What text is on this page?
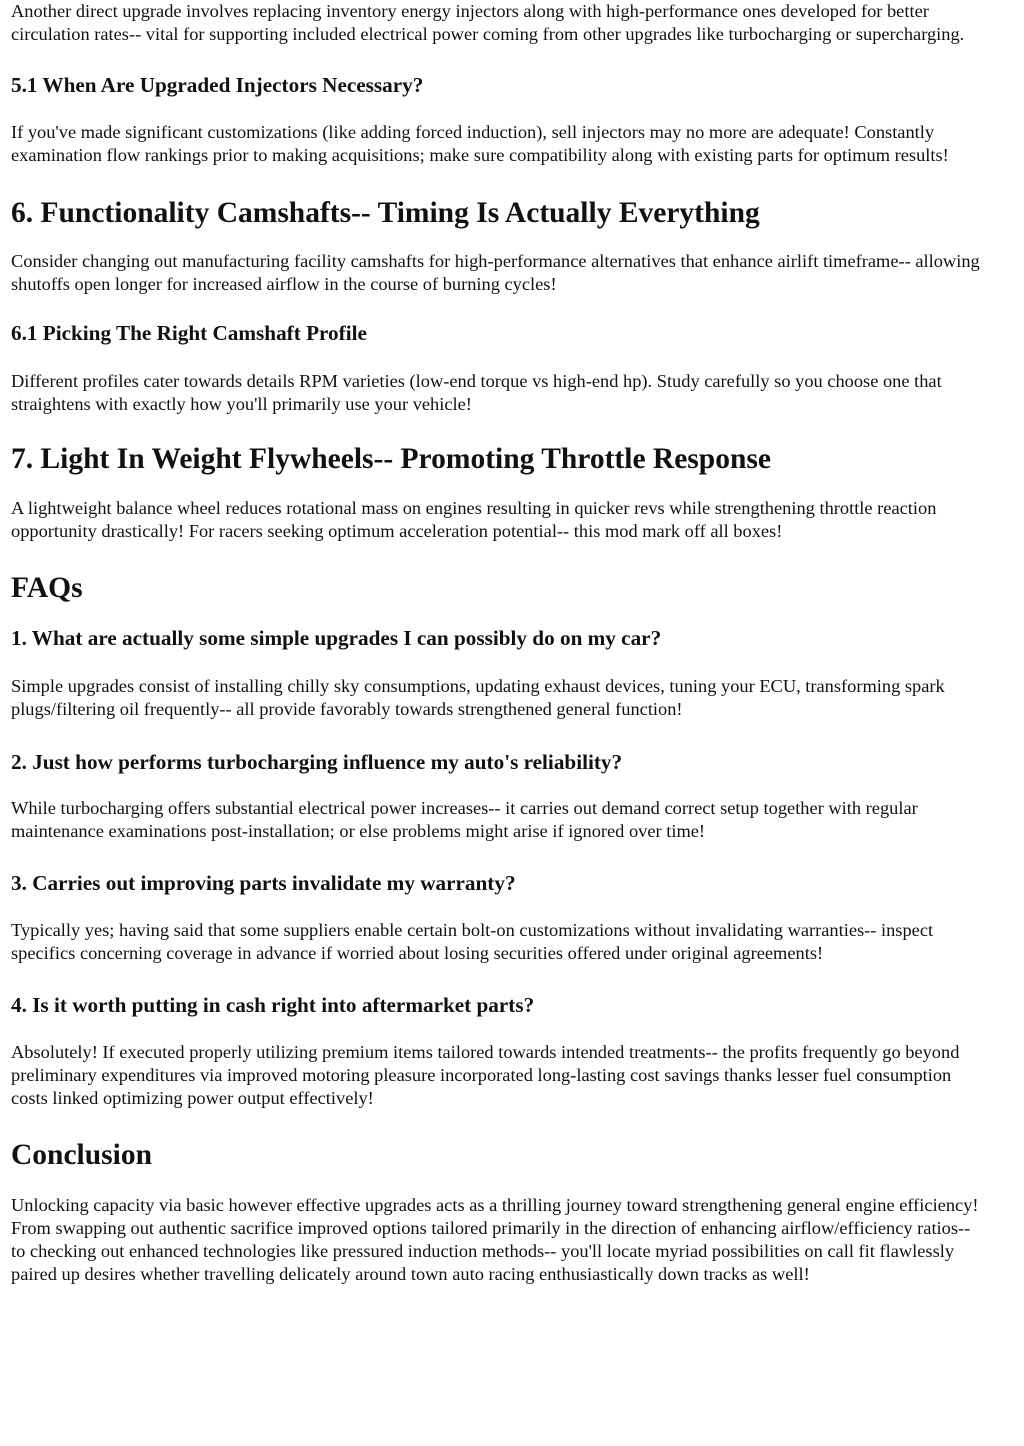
Another direct upgrade involves replacing inventory energy injectors along with high-performance ones developed for better circulation rates-- vital for supporting included electrical power coming from other upgrades like turbocharging or supercharging.

5.1 When Are Upgraded Injectors Necessary?

If you've made significant customizations (like adding forced induction), sell injectors may no more are adequate! Constantly examination flow rankings prior to making acquisitions; make sure compatibility along with existing parts for optimum results!

6. Functionality Camshafts-- Timing Is Actually Everything

Consider changing out manufacturing facility camshafts for high-performance alternatives that enhance airlift timeframe-- allowing shutoffs open longer for increased airflow in the course of burning cycles!

6.1 Picking The Right Camshaft Profile

Different profiles cater towards details RPM varieties (low-end torque vs high-end hp). Study carefully so you choose one that straightens with exactly how you'll primarily use your vehicle!

7. Light In Weight Flywheels-- Promoting Throttle Response

A lightweight balance wheel reduces rotational mass on engines resulting in quicker revs while strengthening throttle reaction opportunity drastically! For racers seeking optimum acceleration potential-- this mod mark off all boxes!

FAQs
1. What are actually some simple upgrades I can possibly do on my car?

Simple upgrades consist of installing chilly sky consumptions, updating exhaust devices, tuning your ECU, transforming spark plugs/filtering oil frequently-- all provide favorably towards strengthened general function!

2. Just how performs turbocharging influence my auto's reliability?

While turbocharging offers substantial electrical power increases-- it carries out demand correct setup together with regular maintenance examinations post-installation; or else problems might arise if ignored over time!

3. Carries out improving parts invalidate my warranty?

Typically yes; having said that some suppliers enable certain bolt-on customizations without invalidating warranties-- inspect specifics concerning coverage in advance if worried about losing securities offered under original agreements!

4. Is it worth putting in cash right into aftermarket parts?

Absolutely! If executed properly utilizing premium items tailored towards intended treatments-- the profits frequently go beyond preliminary expenditures via improved motoring pleasure incorporated long-lasting cost savings thanks lesser fuel consumption costs linked optimizing power output effectively!

Conclusion

Unlocking capacity via basic however effective upgrades acts as a thrilling journey toward strengthening general engine efficiency! From swapping out authentic sacrifice improved options tailored primarily in the direction of enhancing airflow/efficiency ratios-- to checking out enhanced technologies like pressured induction methods-- you'll locate myriad possibilities on call fit flawlessly paired up desires whether travelling delicately around town auto racing enthusiastically down tracks as well!
